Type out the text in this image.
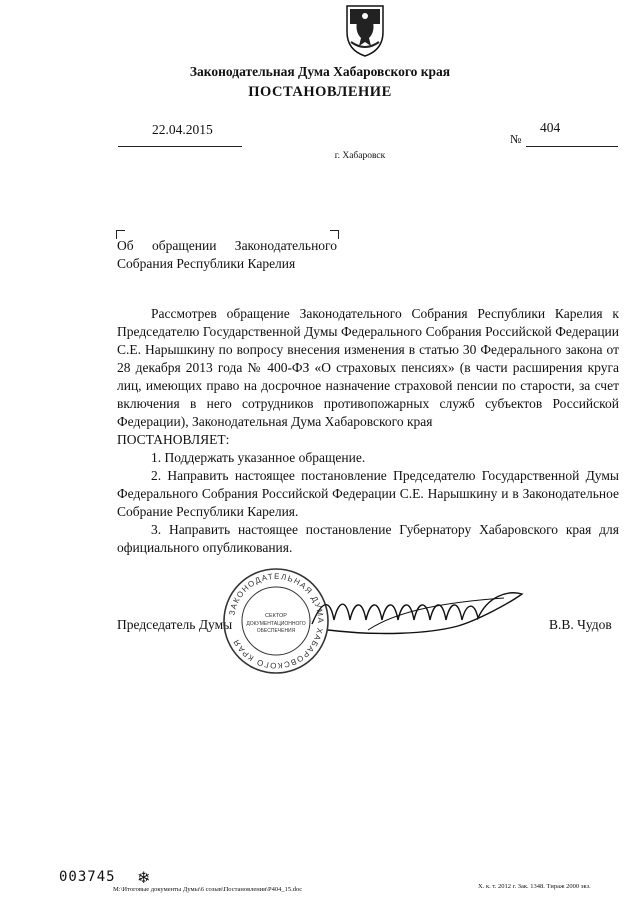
Законодательная Дума Хабаровского края
ПОСТАНОВЛЕНИЕ
22.04.2015
№
404
г. Хабаровск
Об обращении Законодательного
Собрания Республики Карелия

Рассмотрев обращение Законодательного Собрания Республики Карелия к Председателю Государственной Думы Федерального Собрания Российской Федерации С.Е. Нарышкину по вопросу внесения изменения в статью 30 Федерального закона от 28 декабря 2013 года № 400-ФЗ «О страховых пенсиях» (в части расширения круга лиц, имеющих право на досрочное назначение страховой пенсии по старости, за счет включения в него сотрудников противопожарных служб субъектов Российской Федерации), Законодательная Дума Хабаровского края

ПОСТАНОВЛЯЕТ:

1. Поддержать указанное обращение.

2. Направить настоящее постановление Председателю Государственной Думы Федерального Собрания Российской Федерации С.Е. Нарышкину и в Законодательное Собрание Республики Карелия.

3. Направить настоящее постановление Губернатору Хабаровского края для официального опубликования.

Председатель Думы	В.В. Чудов
ЗАКОНОДАТЕЛЬНАЯ ДУМА ХАБАРОВСКОГО КРАЯ
СЕКТОР
ДОКУМЕНТАЦИОННОГО
ОБЕСПЕЧЕНИЯ
003745 ❄
M:\Итоговые документы Думы\6 созыв\Постановления\P404_15.doc	Х. к. т. 2012 г. Зак. 1348. Тираж 2000 экз.
